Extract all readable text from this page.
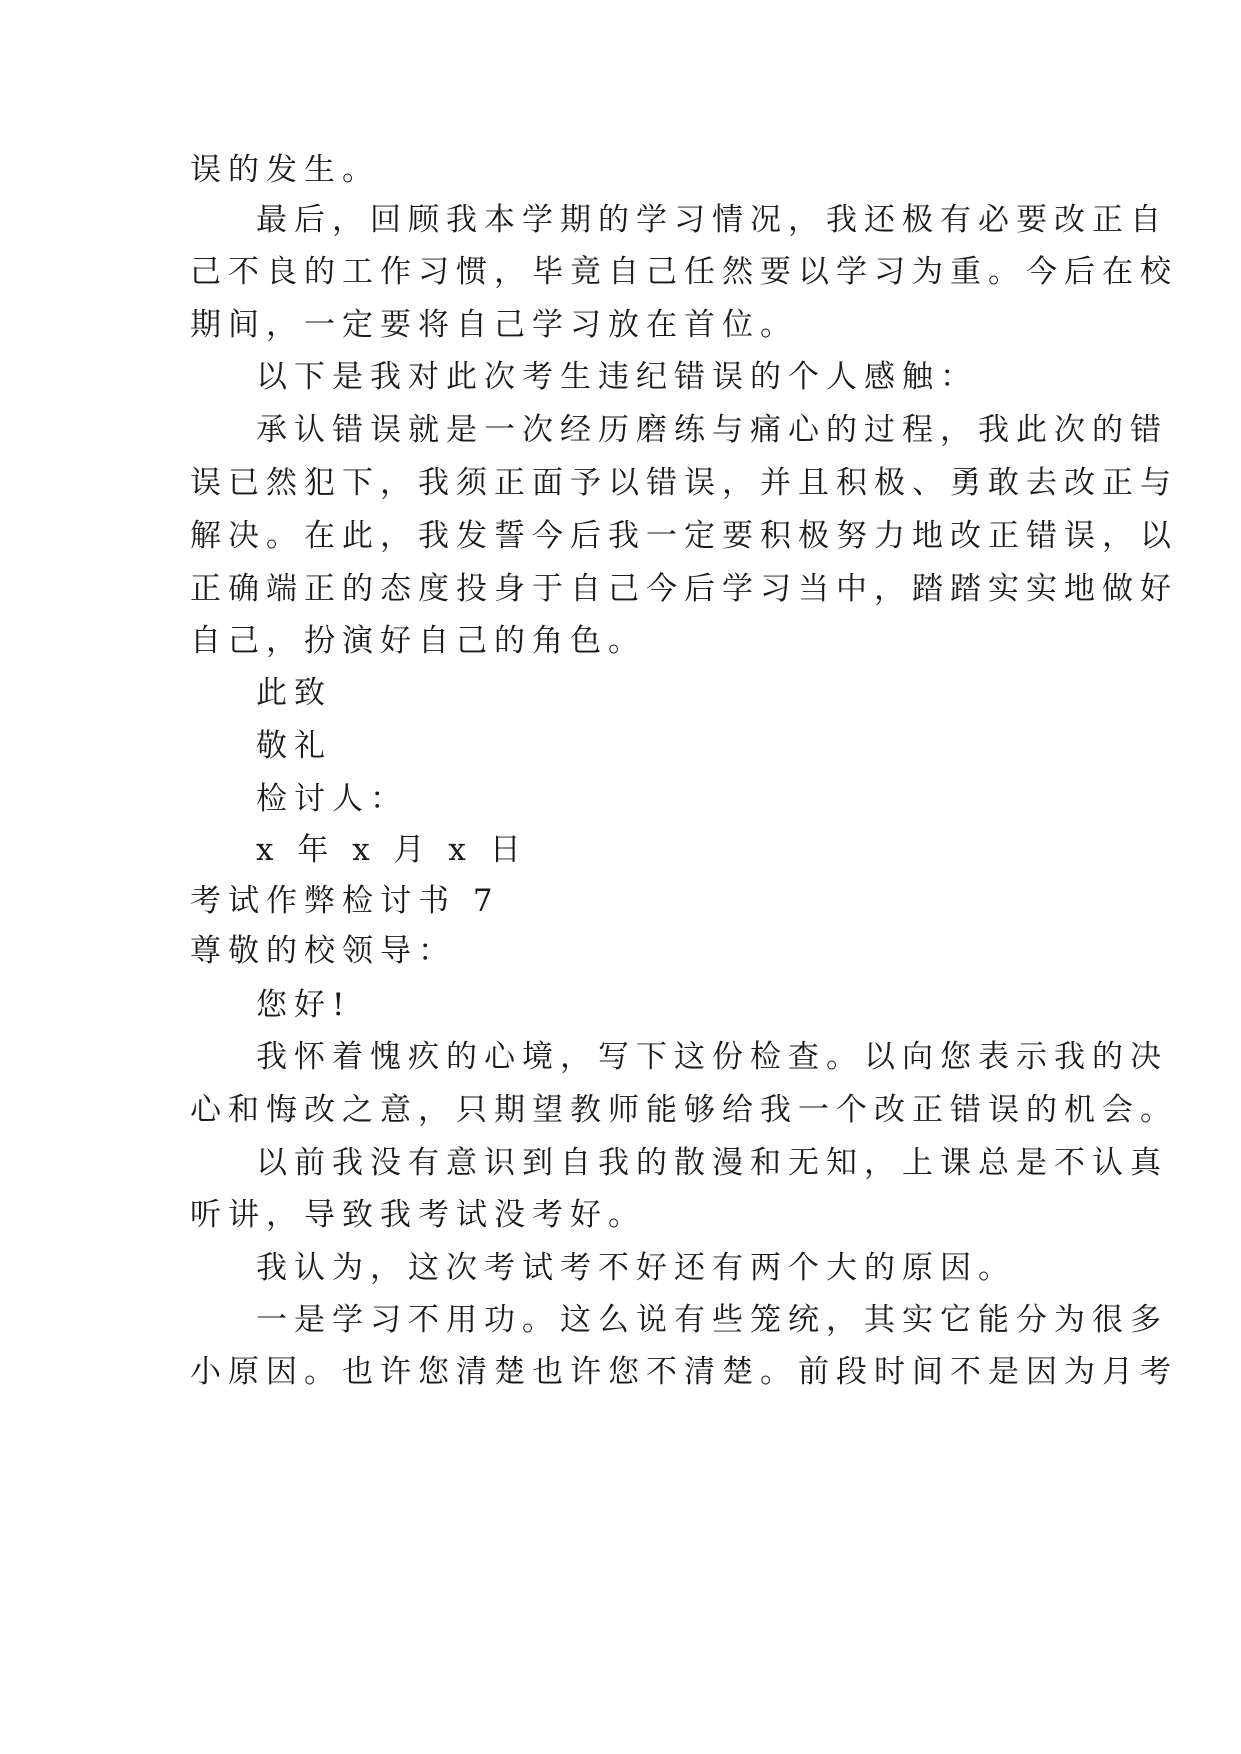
误的发生。
最后，回顾我本学期的学习情况，我还极有必要改正自
己不良的工作习惯，毕竟自己任然要以学习为重。今后在校
期间，一定要将自己学习放在首位。
以下是我对此次考生违纪错误的个人感触：
承认错误就是一次经历磨练与痛心的过程，我此次的错
误已然犯下，我须正面予以错误，并且积极、勇敢去改正与
解决。在此，我发誓今后我一定要积极努力地改正错误，以
正确端正的态度投身于自己今后学习当中，踏踏实实地做好
自己，扮演好自己的角色。
此致
敬礼
检讨人：
x 年 x 月 x 日
考试作弊检讨书 7
尊敬的校领导：
您好!
我怀着愧疚的心境，写下这份检查。以向您表示我的决
心和悔改之意，只期望教师能够给我一个改正错误的机会。
以前我没有意识到自我的散漫和无知，上课总是不认真
听讲，导致我考试没考好。
我认为，这次考试考不好还有两个大的原因。
一是学习不用功。这么说有些笼统，其实它能分为很多
小原因。也许您清楚也许您不清楚。前段时间不是因为月考
